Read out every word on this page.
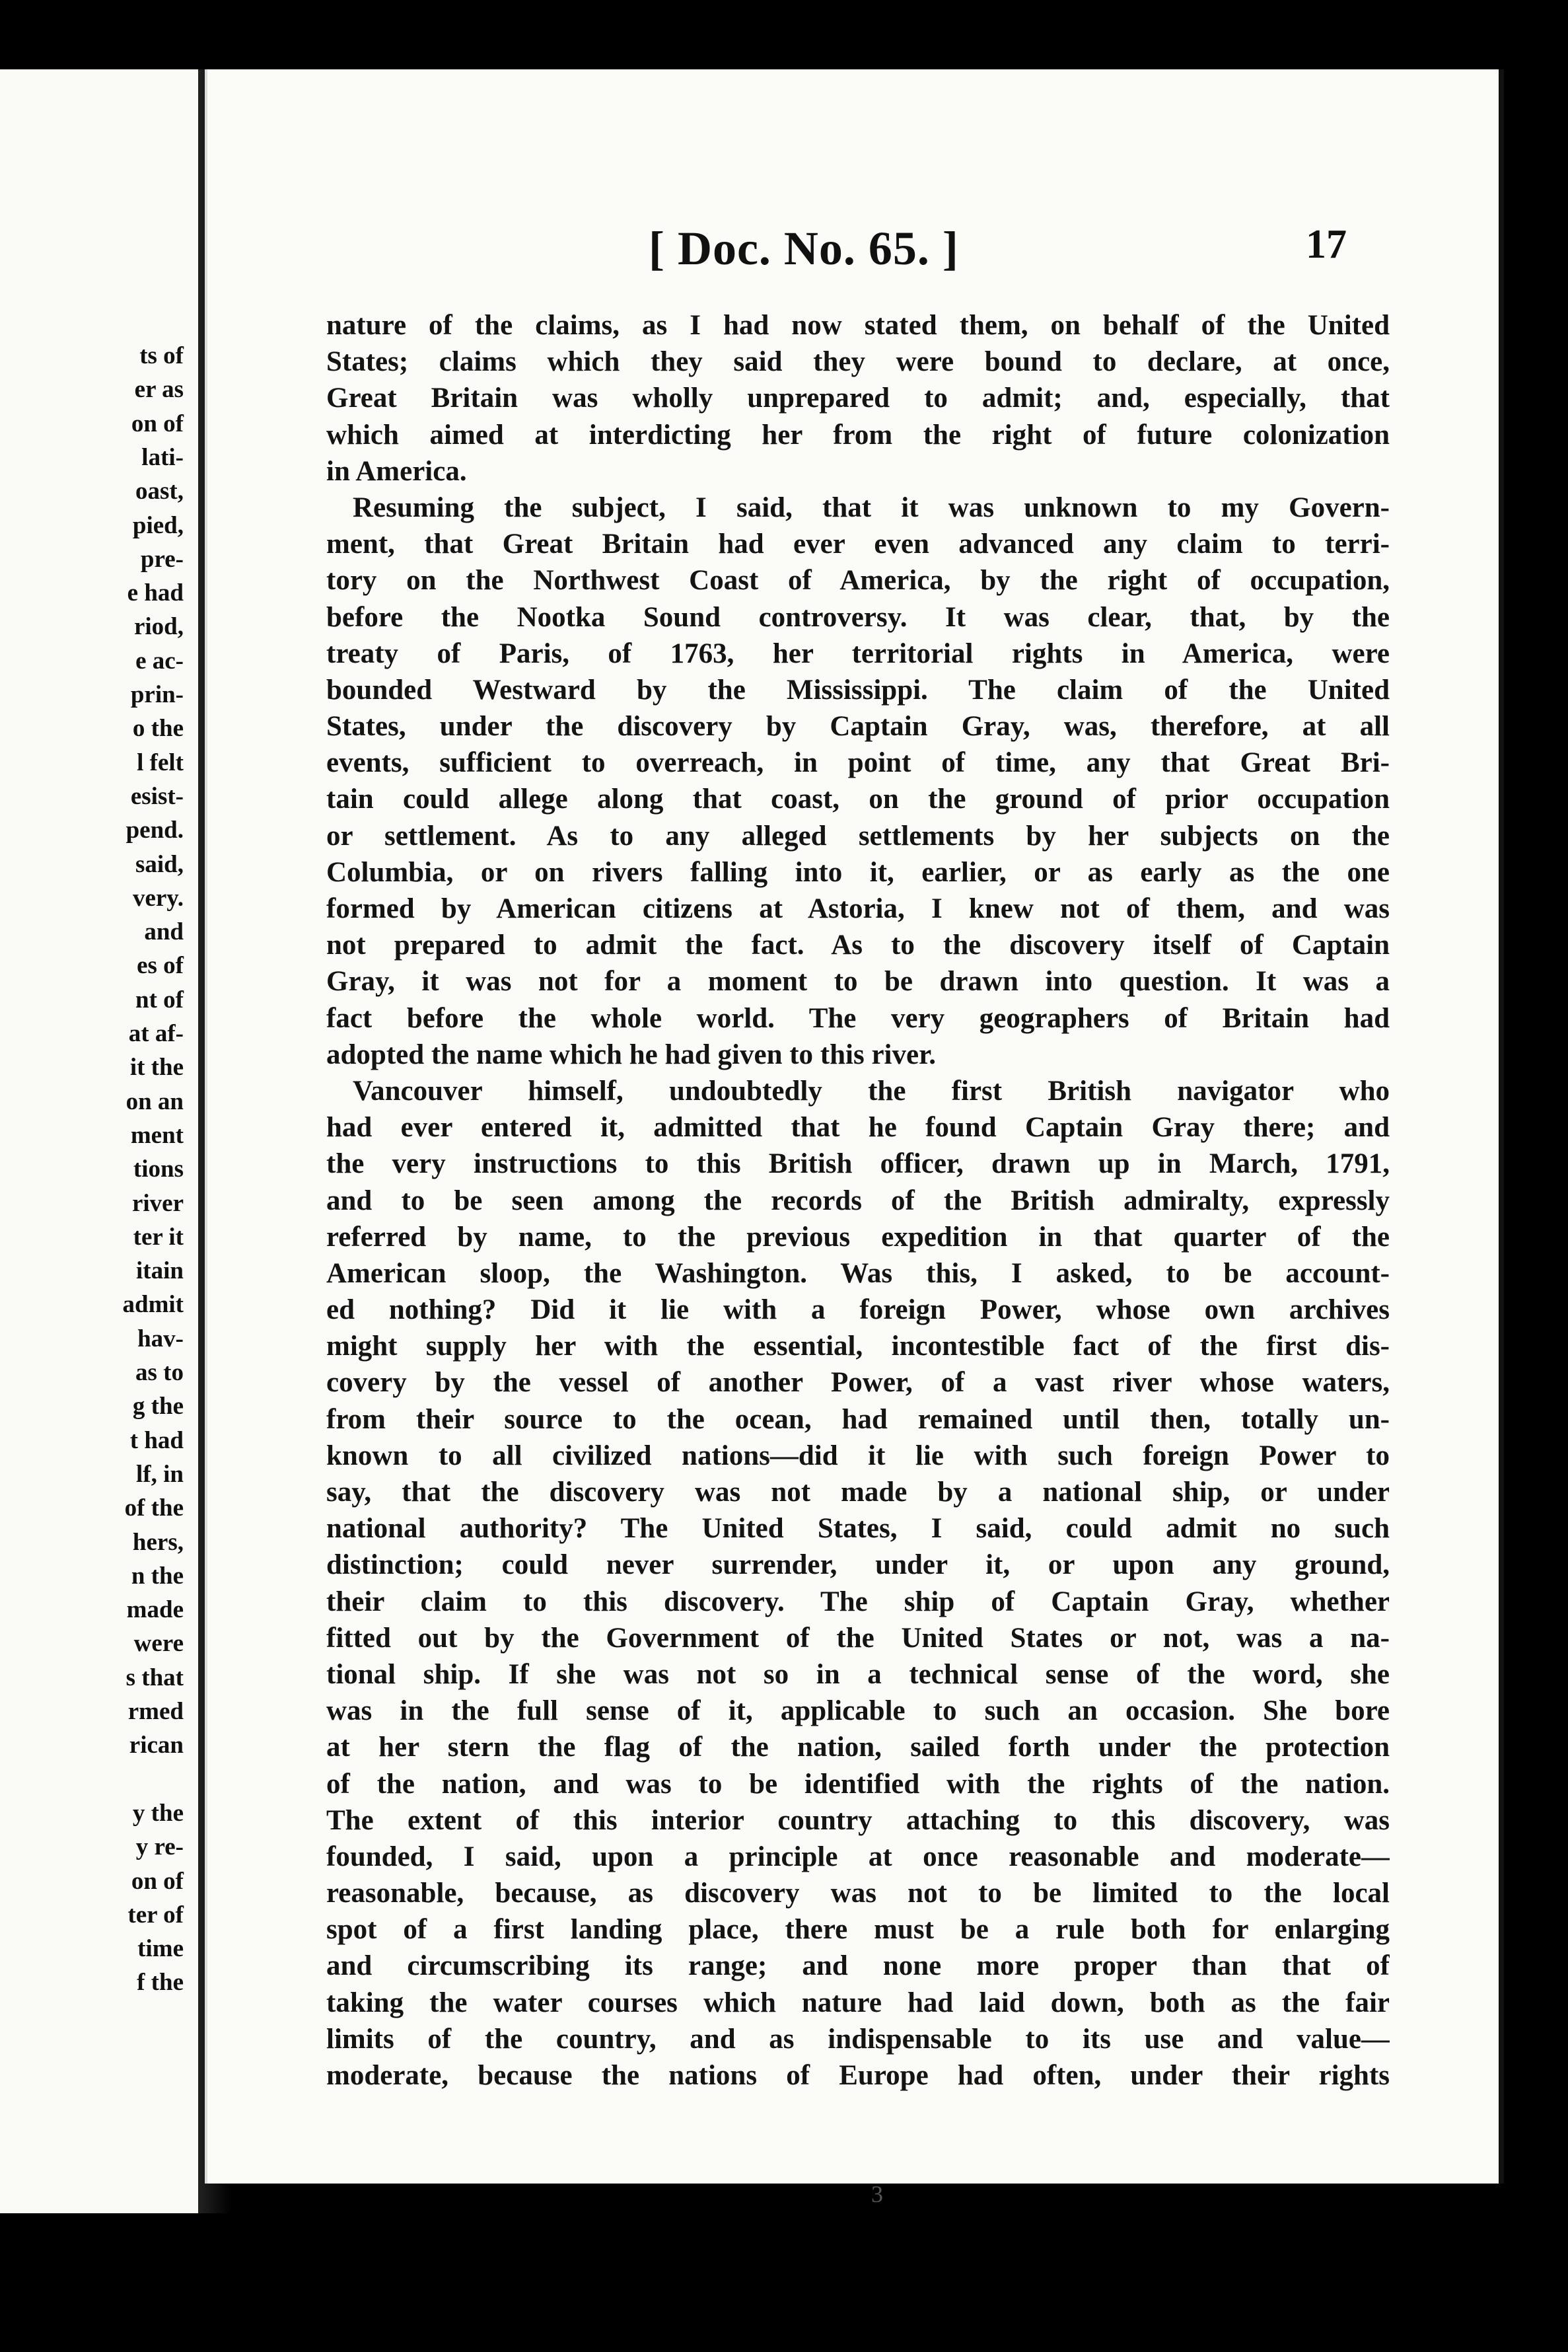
ts of
er as
on of
lati-
oast,
pied,
pre-
e had
riod,
e ac-
prin-
o the
l felt
esist-
pend.
said,
very.
and
es of
nt of
at af-
it the
on an
ment
tions
river
ter it
itain
admit
hav-
as to
g the
t had
lf, in
of the
hers,
n the
made
were
s that
rmed
rican
y the
y re-
on of
ter of
time
f the
[ Doc. No. 65. ]	17
nature of the claims, as I had now stated them, on behalf of the United
States; claims which they said they were bound to declare, at once,
Great Britain was wholly unprepared to admit; and, especially, that
which aimed at interdicting her from the right of future colonization
in America.
Resuming the subject, I said, that it was unknown to my Govern-
ment, that Great Britain had ever even advanced any claim to terri-
tory on the Northwest Coast of America, by the right of occupation,
before the Nootka Sound controversy. It was clear, that, by the
treaty of Paris, of 1763, her territorial rights in America, were
bounded Westward by the Mississippi. The claim of the United
States, under the discovery by Captain Gray, was, therefore, at all
events, sufficient to overreach, in point of time, any that Great Bri-
tain could allege along that coast, on the ground of prior occupation
or settlement. As to any alleged settlements by her subjects on the
Columbia, or on rivers falling into it, earlier, or as early as the one
formed by American citizens at Astoria, I knew not of them, and was
not prepared to admit the fact. As to the discovery itself of Captain
Gray, it was not for a moment to be drawn into question. It was a
fact before the whole world. The very geographers of Britain had
adopted the name which he had given to this river.
Vancouver himself, undoubtedly the first British navigator who
had ever entered it, admitted that he found Captain Gray there; and
the very instructions to this British officer, drawn up in March, 1791,
and to be seen among the records of the British admiralty, expressly
referred by name, to the previous expedition in that quarter of the
American sloop, the Washington. Was this, I asked, to be account-
ed nothing? Did it lie with a foreign Power, whose own archives
might supply her with the essential, incontestible fact of the first dis-
covery by the vessel of another Power, of a vast river whose waters,
from their source to the ocean, had remained until then, totally un-
known to all civilized nations—did it lie with such foreign Power to
say, that the discovery was not made by a national ship, or under
national authority? The United States, I said, could admit no such
distinction; could never surrender, under it, or upon any ground,
their claim to this discovery. The ship of Captain Gray, whether
fitted out by the Government of the United States or not, was a na-
tional ship. If she was not so in a technical sense of the word, she
was in the full sense of it, applicable to such an occasion. She bore
at her stern the flag of the nation, sailed forth under the protection
of the nation, and was to be identified with the rights of the nation.
The extent of this interior country attaching to this discovery, was
founded, I said, upon a principle at once reasonable and moderate—
reasonable, because, as discovery was not to be limited to the local
spot of a first landing place, there must be a rule both for enlarging
and circumscribing its range; and none more proper than that of
taking the water courses which nature had laid down, both as the fair
limits of the country, and as indispensable to its use and value—
moderate, because the nations of Europe had often, under their rights
3
